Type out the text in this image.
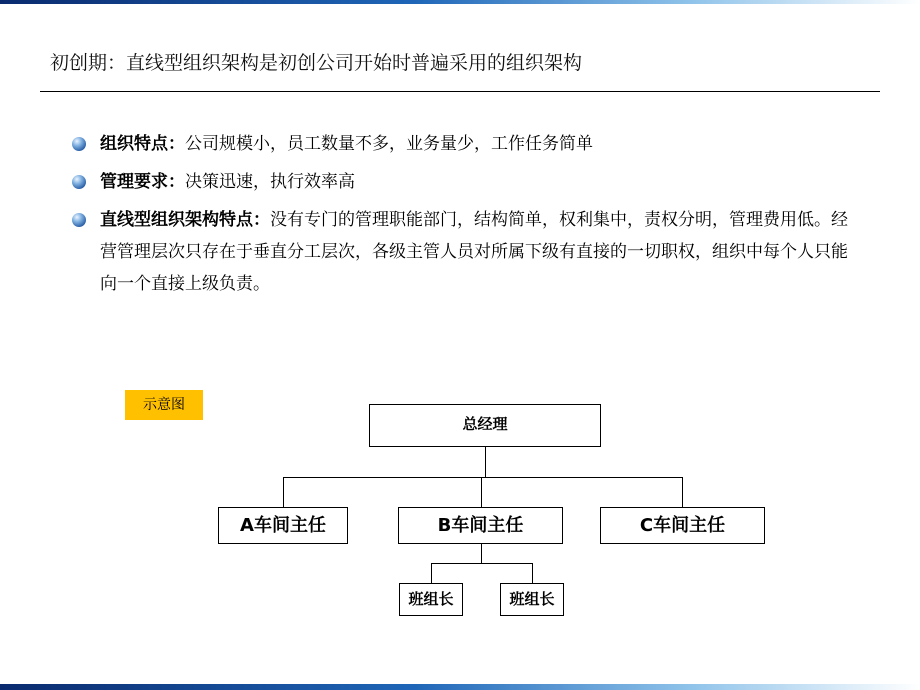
初创期：直线型组织架构是初创公司开始时普遍采用的组织架构
组织特点：公司规模小，员工数量不多，业务量少，工作任务简单
管理要求：决策迅速，执行效率高
直线型组织架构特点：没有专门的管理职能部门，结构简单，权利集中，责权分明，管理费用低。经营管理层次只存在于垂直分工层次，各级主管人员对所属下级有直接的一切职权，组织中每个人只能向一个直接上级负责。
示意图
总经理
A车间主任	B车间主任	C车间主任
班组长	班组长
